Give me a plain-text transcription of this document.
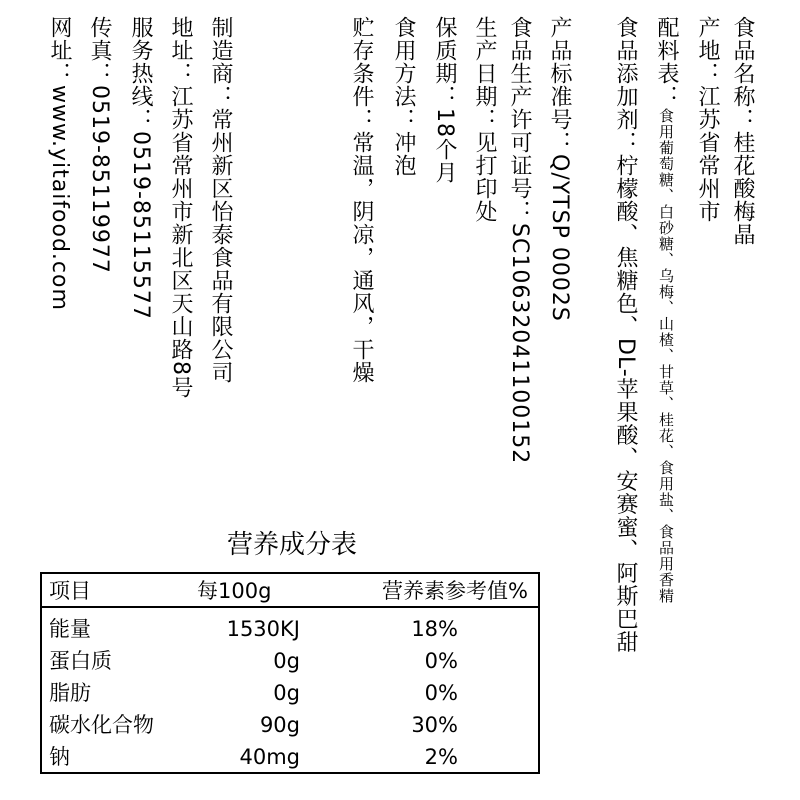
食品名称：桂花酸梅晶
产地：江苏省常州市
配料表：食用葡萄糖、白砂糖、乌梅、山楂、甘草、桂花、食用盐、食品用香精
食品添加剂：柠檬酸、焦糖色、DL-苹果酸、安赛蜜、阿斯巴甜
产品标准号：Q/YTSP 0002S
食品生产许可证号：SC10632041100152
生产日期：见打印处
保质期：18个月
食用方法：冲泡
贮存条件：常温，阴凉，通风，干燥
制造商：常州新区怡泰食品有限公司
地址：江苏省常州市新北区天山路8号
服务热线：0519-85115577
传真：0519-85119977
网址：www.yitaifood.com
营养成分表
项目	每100g	营养素参考值%
能量	1530KJ	18%
蛋白质	0g	0%
脂肪	0g	0%
碳水化合物	90g	30%
钠	40mg	2%
